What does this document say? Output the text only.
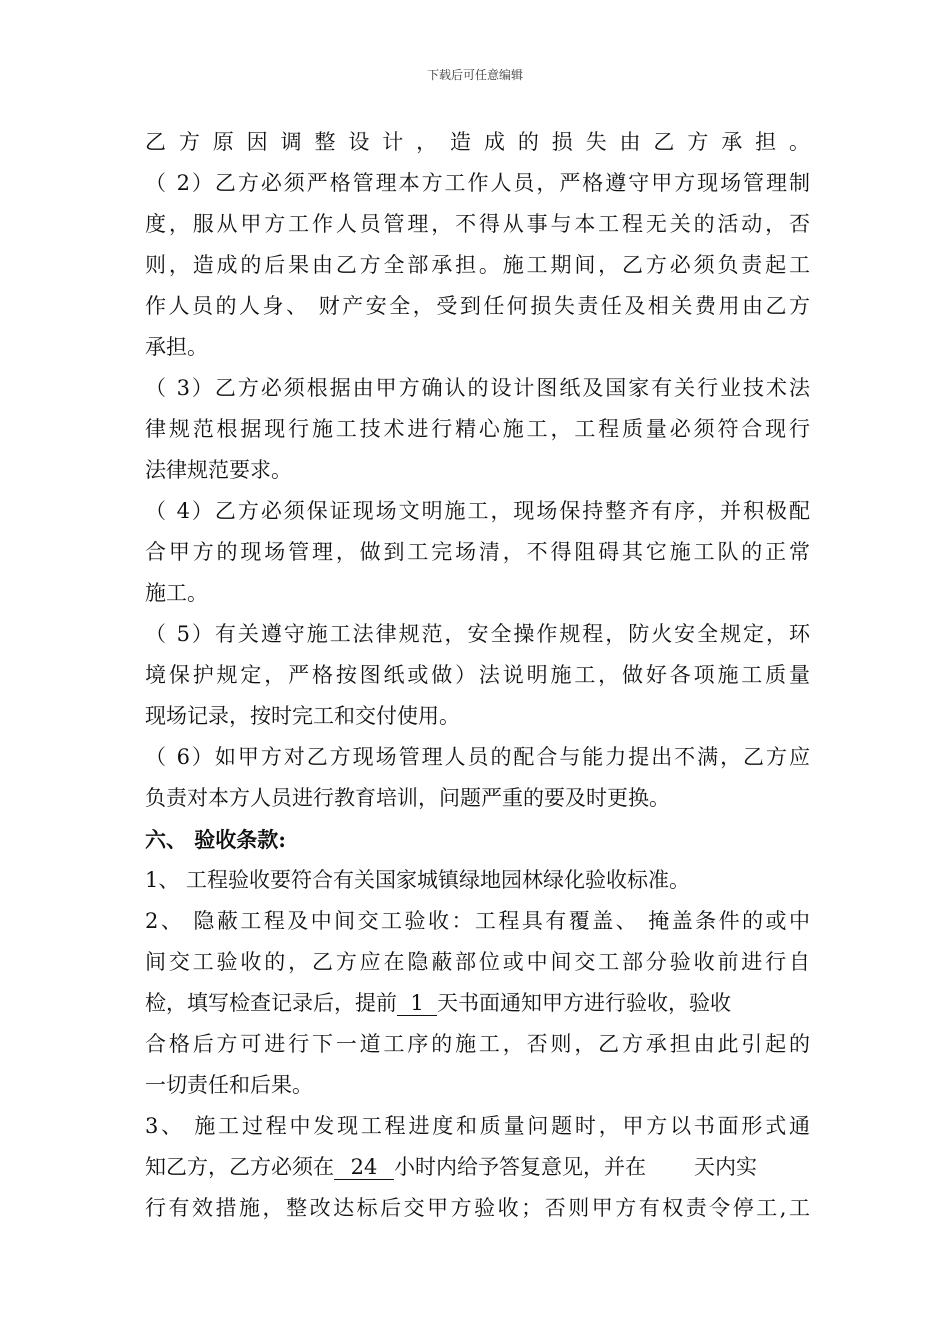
下载后可任意编辑
乙方原因调整设计，造成的损失由乙方承担。
（ 2）乙方必须严格管理本方工作人员，严格遵守甲方现场管理制
度，服从甲方工作人员管理，不得从事与本工程无关的活动，否
则，造成的后果由乙方全部承担。施工期间，乙方必须负责起工
作人员的人身、 财产安全，受到任何损失责任及相关费用由乙方
承担。
（ 3）乙方必须根据由甲方确认的设计图纸及国家有关行业技术法
律规范根据现行施工技术进行精心施工，工程质量必须符合现行
法律规范要求。
（ 4）乙方必须保证现场文明施工，现场保持整齐有序，并积极配
合甲方的现场管理，做到工完场清，不得阻碍其它施工队的正常
施工。
（ 5）有关遵守施工法律规范，安全操作规程，防火安全规定，环
境保护规定，严格按图纸或做）法说明施工，做好各项施工质量
现场记录，按时完工和交付使用。
（ 6）如甲方对乙方现场管理人员的配合与能力提出不满，乙方应
负责对本方人员进行教育培训，问题严重的要及时更换。
六、 验收条款:
1、 工程验收要符合有关国家城镇绿地园林绿化验收标准。
2、 隐蔽工程及中间交工验收：工程具有覆盖、 掩盖条件的或中
间交工验收的，乙方应在隐蔽部位或中间交工部分验收前进行自
检，填写检查记录后，提前 1 天书面通知甲方进行验收，验收
合格后方可进行下一道工序的施工，否则，乙方承担由此引起的
一切责任和后果。
3、 施工过程中发现工程进度和质量问题时，甲方以书面形式通
知乙方，乙方必须在 24 小时内给予答复意见，并在 天内实
行有效措施，整改达标后交甲方验收；否则甲方有权责令停工,工
